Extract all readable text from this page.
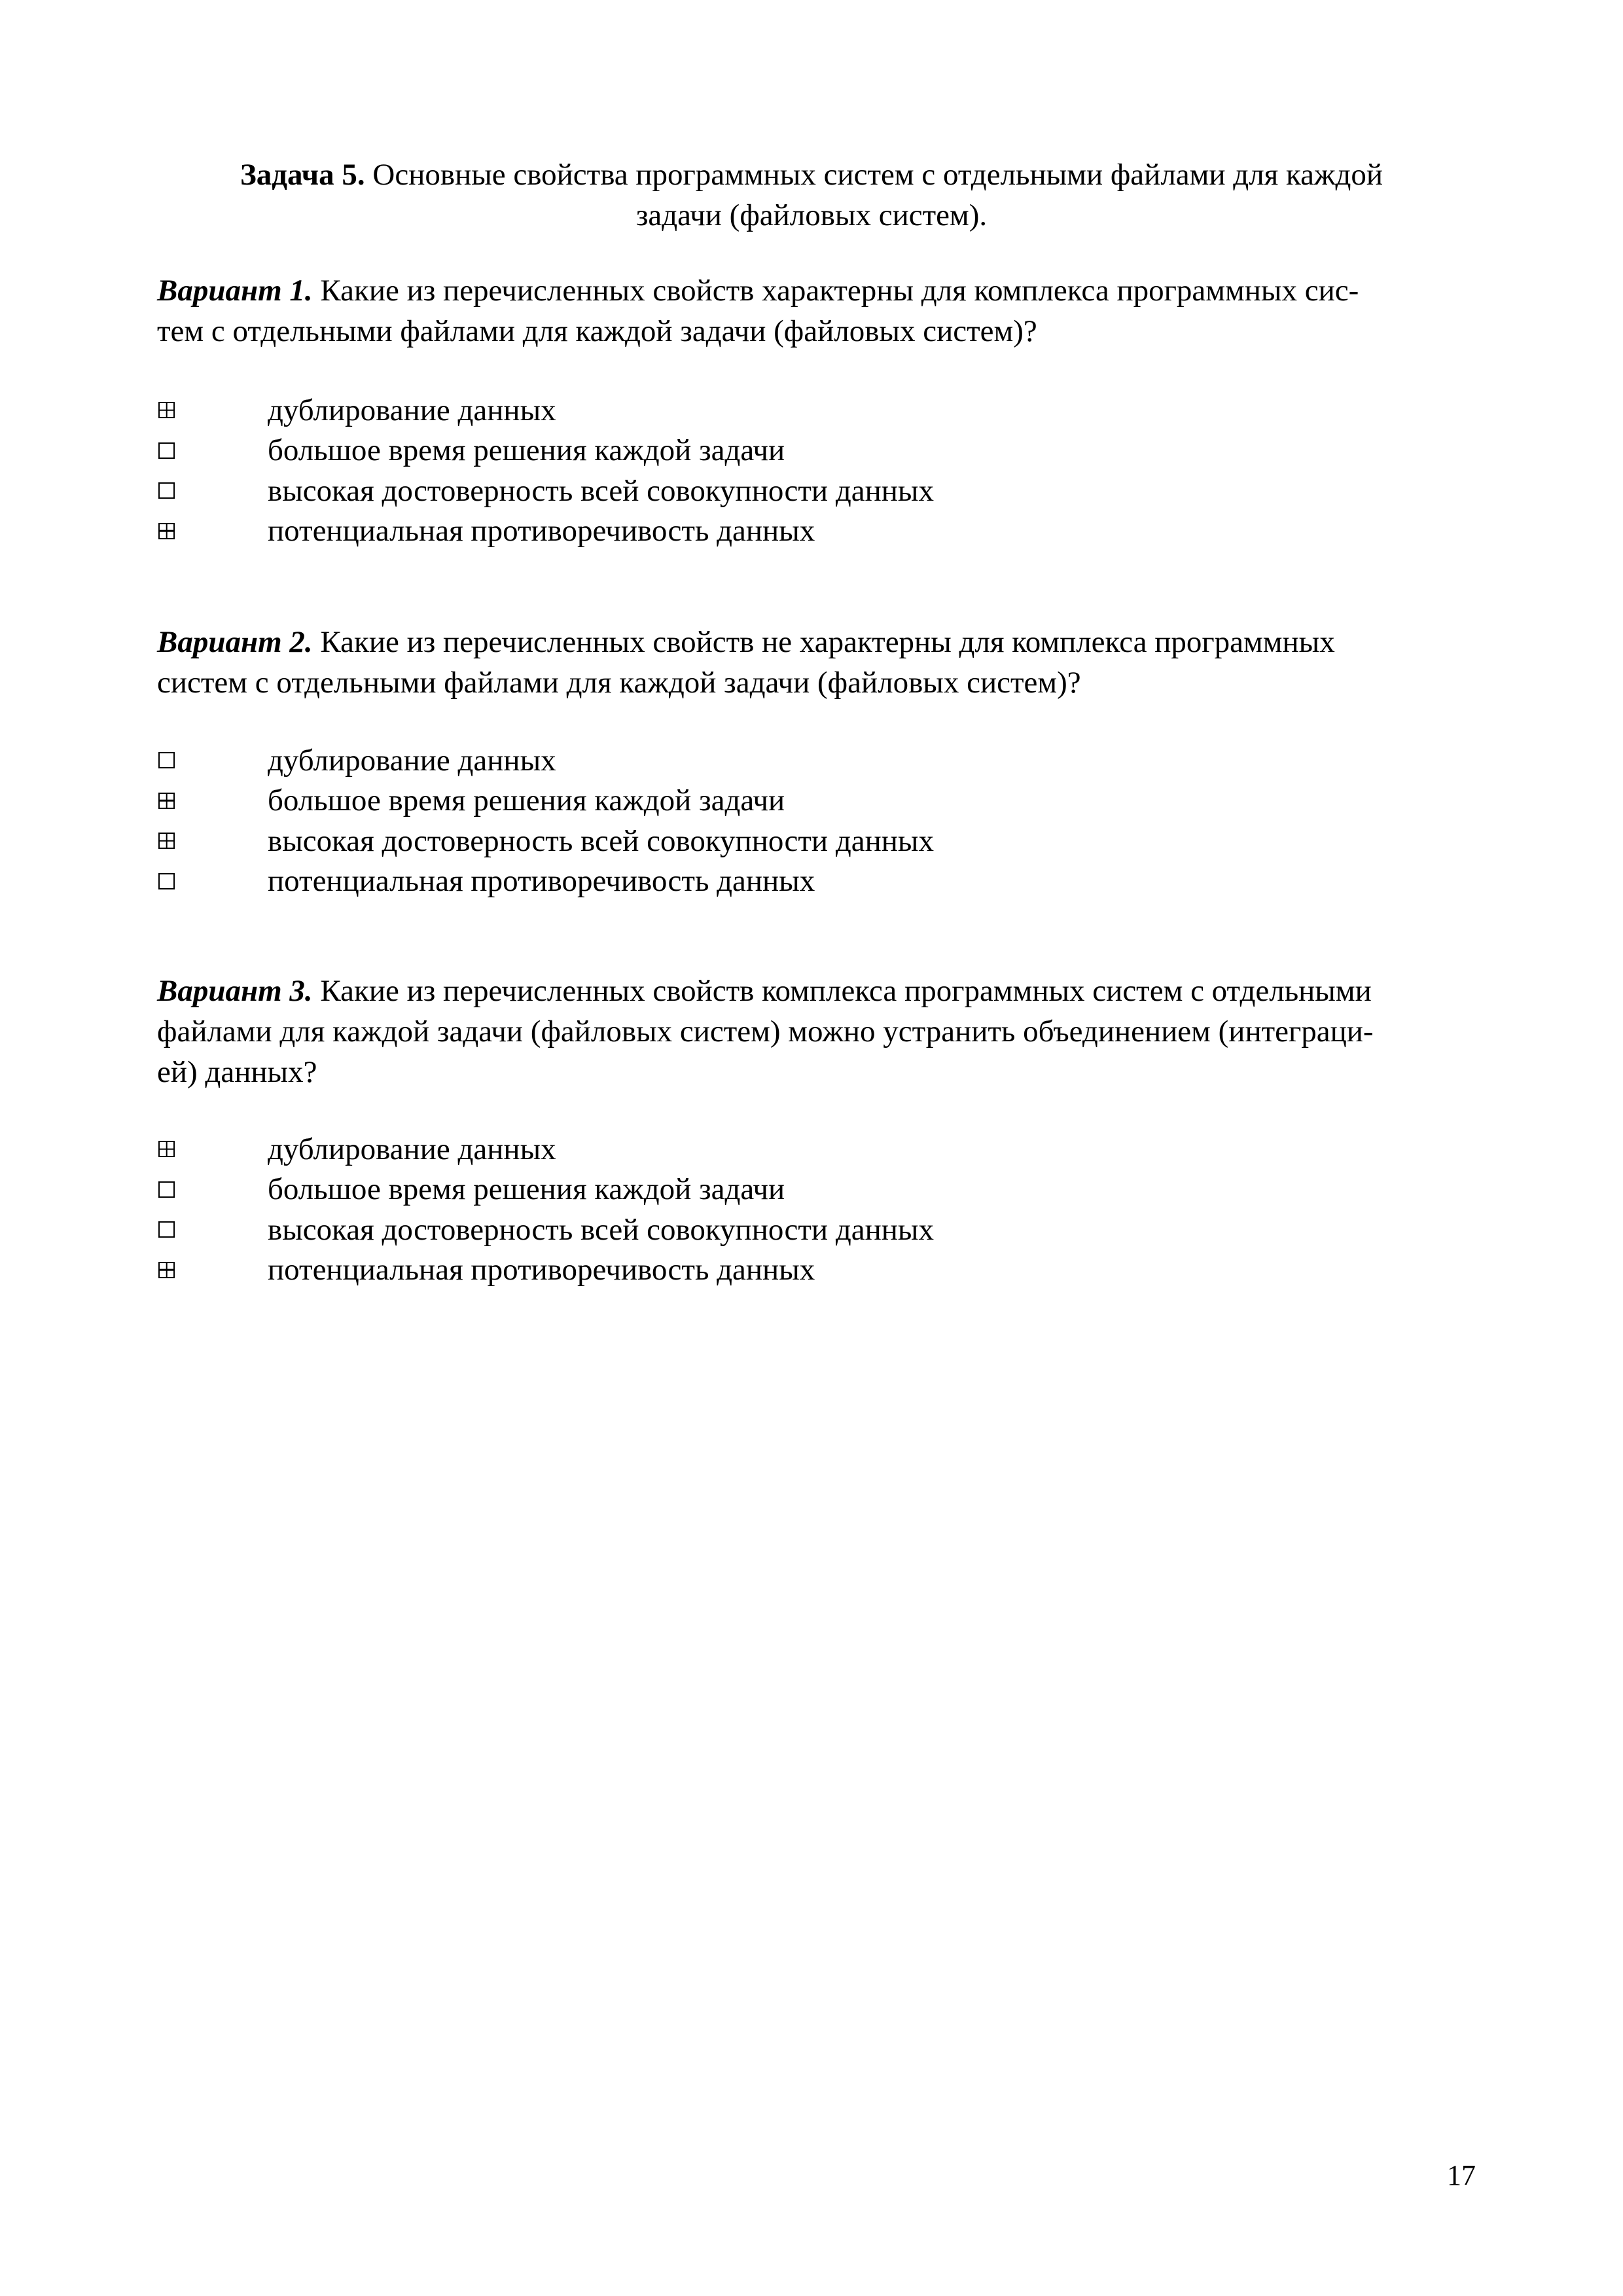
Задача 5. Основные свойства программных систем с отдельными файлами для каждой
задачи (файловых систем).

Вариант 1. Какие из перечисленных свойств характерны для комплекса программных сис-
тем с отдельными файлами для каждой задачи (файловых систем)?

дублирование данных
большое время решения каждой задачи
высокая достоверность всей совокупности данных
потенциальная противоречивость данных

Вариант 2. Какие из перечисленных свойств не характерны для комплекса программных
систем с отдельными файлами для каждой задачи (файловых систем)?

дублирование данных
большое время решения каждой задачи
высокая достоверность всей совокупности данных
потенциальная противоречивость данных

Вариант 3. Какие из перечисленных свойств комплекса программных систем с отдельными
файлами для каждой задачи (файловых систем) можно устранить объединением (интеграци-
ей) данных?

дублирование данных
большое время решения каждой задачи
высокая достоверность всей совокупности данных
потенциальная противоречивость данных
17
